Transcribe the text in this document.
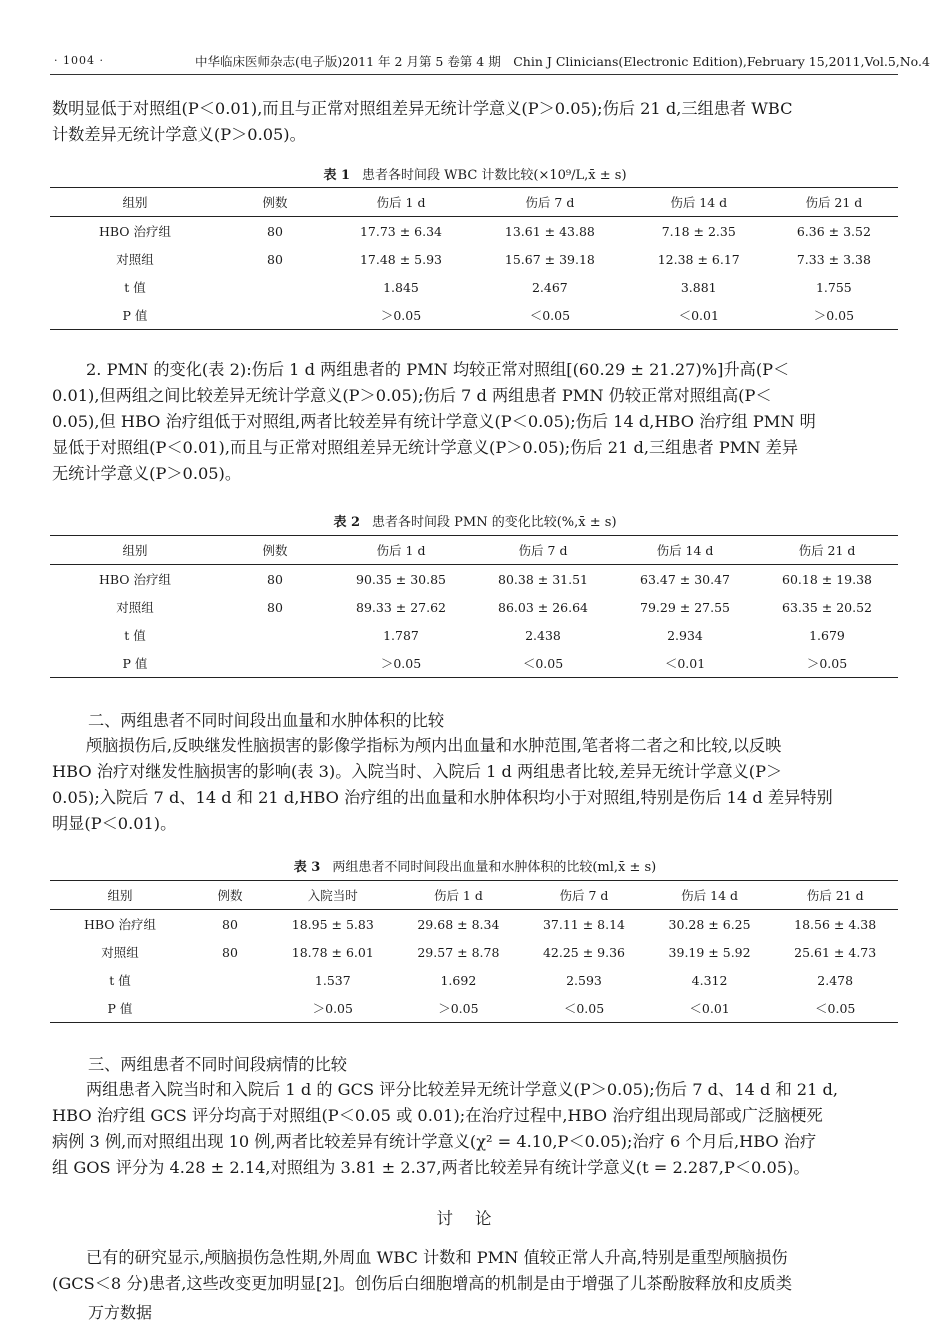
· 1004 ·	中华临床医师杂志(电子版)2011 年 2 月第 5 卷第 4 期　Chin J Clinicians(Electronic Edition),February 15,2011,Vol.5,No.4
数明显低于对照组(P＜0.01),而且与正常对照组差异无统计学意义(P＞0.05);伤后 21 d,三组患者 WBC
计数差异无统计学意义(P＞0.05)。
表 1 患者各时间段 WBC 计数比较(×10⁹/L,x̄ ± s)
组别	例数	伤后 1 d	伤后 7 d	伤后 14 d	伤后 21 d
HBO 治疗组	80	17.73 ± 6.34	13.61 ± 43.88	7.18 ± 2.35	6.36 ± 3.52
对照组	80	17.48 ± 5.93	15.67 ± 39.18	12.38 ± 6.17	7.33 ± 3.38
t 值		1.845	2.467	3.881	1.755
P 值		＞0.05	＜0.05	＜0.01	＞0.05
2. PMN 的变化(表 2):伤后 1 d 两组患者的 PMN 均较正常对照组[(60.29 ± 21.27)%]升高(P＜
0.01),但两组之间比较差异无统计学意义(P＞0.05);伤后 7 d 两组患者 PMN 仍较正常对照组高(P＜
0.05),但 HBO 治疗组低于对照组,两者比较差异有统计学意义(P＜0.05);伤后 14 d,HBO 治疗组 PMN 明
显低于对照组(P＜0.01),而且与正常对照组差异无统计学意义(P＞0.05);伤后 21 d,三组患者 PMN 差异
无统计学意义(P＞0.05)。
表 2 患者各时间段 PMN 的变化比较(%,x̄ ± s)
组别	例数	伤后 1 d	伤后 7 d	伤后 14 d	伤后 21 d
HBO 治疗组	80	90.35 ± 30.85	80.38 ± 31.51	63.47 ± 30.47	60.18 ± 19.38
对照组	80	89.33 ± 27.62	86.03 ± 26.64	79.29 ± 27.55	63.35 ± 20.52
t 值		1.787	2.438	2.934	1.679
P 值		＞0.05	＜0.05	＜0.01	＞0.05
二、两组患者不同时间段出血量和水肿体积的比较
颅脑损伤后,反映继发性脑损害的影像学指标为颅内出血量和水肿范围,笔者将二者之和比较,以反映
HBO 治疗对继发性脑损害的影响(表 3)。入院当时、入院后 1 d 两组患者比较,差异无统计学意义(P＞
0.05);入院后 7 d、14 d 和 21 d,HBO 治疗组的出血量和水肿体积均小于对照组,特别是伤后 14 d 差异特别
明显(P＜0.01)。
表 3 两组患者不同时间段出血量和水肿体积的比较(ml,x̄ ± s)
组别	例数	入院当时	伤后 1 d	伤后 7 d	伤后 14 d	伤后 21 d
HBO 治疗组	80	18.95 ± 5.83	29.68 ± 8.34	37.11 ± 8.14	30.28 ± 6.25	18.56 ± 4.38
对照组	80	18.78 ± 6.01	29.57 ± 8.78	42.25 ± 9.36	39.19 ± 5.92	25.61 ± 4.73
t 值		1.537	1.692	2.593	4.312	2.478
P 值		＞0.05	＞0.05	＜0.05	＜0.01	＜0.05
三、两组患者不同时间段病情的比较
两组患者入院当时和入院后 1 d 的 GCS 评分比较差异无统计学意义(P＞0.05);伤后 7 d、14 d 和 21 d,
HBO 治疗组 GCS 评分均高于对照组(P＜0.05 或 0.01);在治疗过程中,HBO 治疗组出现局部或广泛脑梗死
病例 3 例,而对照组出现 10 例,两者比较差异有统计学意义(χ² = 4.10,P＜0.05);治疗 6 个月后,HBO 治疗
组 GOS 评分为 4.28 ± 2.14,对照组为 3.81 ± 2.37,两者比较差异有统计学意义(t = 2.287,P＜0.05)。
讨论
已有的研究显示,颅脑损伤急性期,外周血 WBC 计数和 PMN 值较正常人升高,特别是重型颅脑损伤
(GCS＜8 分)患者,这些改变更加明显[2]。创伤后白细胞增高的机制是由于增强了儿茶酚胺释放和皮质类
万方数据
